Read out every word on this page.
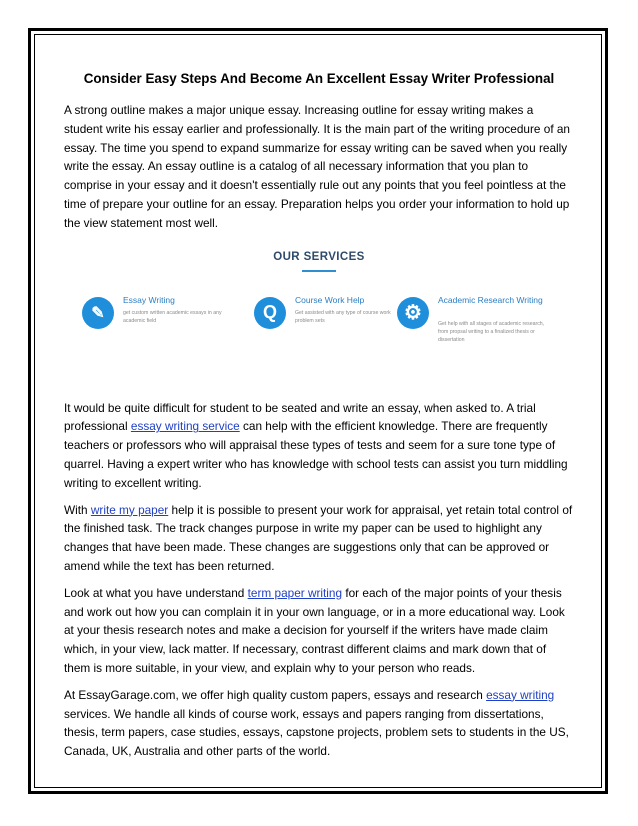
Consider Easy Steps And Become An Excellent Essay Writer Professional

A strong outline makes a major unique essay. Increasing outline for essay writing makes a student write his essay earlier and professionally. It is the main part of the writing procedure of an essay. The time you spend to expand summarize for essay writing can be saved when you really write the essay. An essay outline is a catalog of all necessary information that you plan to comprise in your essay and it doesn't essentially rule out any points that you feel pointless at the time of prepare your outline for an essay. Preparation helps you order your information to hold up the view statement most well.

OUR SERVICES
✎
Essay Writing
get custom written academic essays in any academic field	Q
Course Work Help
Get assisted with any type of course work problem sets	⚙
Academic Research Writing
Get help with all stages of academic research, from propsal writing to a finalized thesis or dissertation

It would be quite difficult for student to be seated and write an essay, when asked to. A trial professional essay writing service can help with the efficient knowledge. There are frequently teachers or professors who will appraisal these types of tests and seem for a sure tone type of quarrel. Having a expert writer who has knowledge with school tests can assist you turn middling writing to excellent writing.

With write my paper help it is possible to present your work for appraisal, yet retain total control of the finished task. The track changes purpose in write my paper can be used to highlight any changes that have been made. These changes are suggestions only that can be approved or amend while the text has been returned.

Look at what you have understand term paper writing for each of the major points of your thesis and work out how you can complain it in your own language, or in a more educational way. Look at your thesis research notes and make a decision for yourself if the writers have made claim which, in your view, lack matter. If necessary, contrast different claims and mark down that of them is more suitable, in your view, and explain why to your person who reads.

At EssayGarage.com, we offer high quality custom papers, essays and research essay writing services. We handle all kinds of course work, essays and papers ranging from dissertations, thesis, term papers, case studies, essays, capstone projects, problem sets to students in the US, Canada, UK, Australia and other parts of the world.
